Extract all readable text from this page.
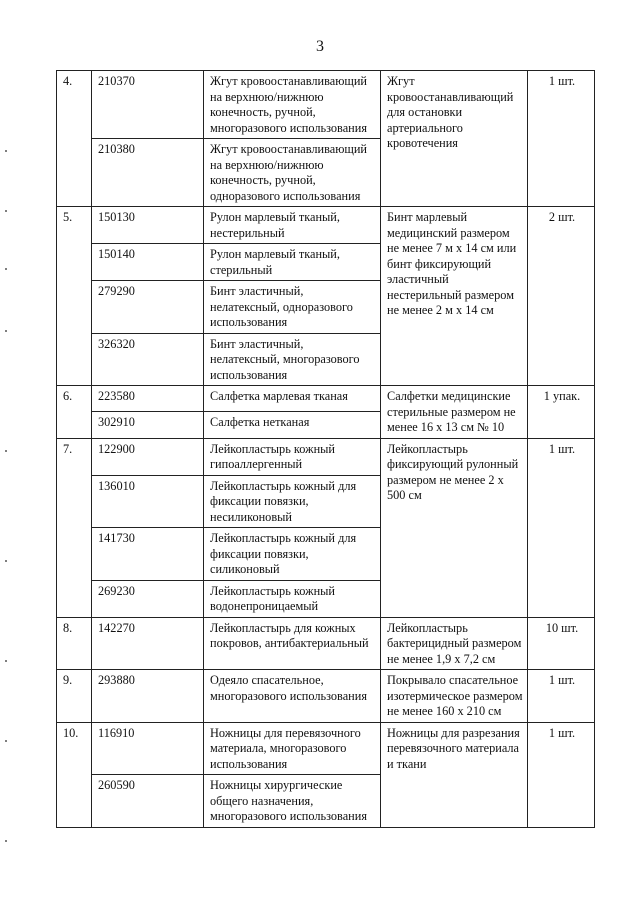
3
4.	210370	Жгут кровоостанавливающий на верхнюю/нижнюю конечность, ручной, многоразового использования	Жгут кровоостанавливающий для остановки артериального кровотечения	1 шт.
	210380	Жгут кровоостанавливающий на верхнюю/нижнюю конечность, ручной, одноразового использования		
5.	150130	Рулон марлевый тканый, нестерильный	Бинт марлевый медицинский размером не менее 7 м х 14 см или бинт фиксирующий эластичный нестерильный размером не менее 2 м х 14 см	2 шт.
	150140	Рулон марлевый тканый, стерильный		
	279290	Бинт эластичный, нелатексный, одноразового использования		
	326320	Бинт эластичный, нелатексный, многоразового использования		
6.	223580	Салфетка марлевая тканая	Салфетки медицинские стерильные размером не менее 16 х 13 см № 10	1 упак.
	302910	Салфетка нетканая		
7.	122900	Лейкопластырь кожный гипоаллергенный	Лейкопластырь фиксирующий рулонный размером не менее 2 х 500 см	1 шт.
	136010	Лейкопластырь кожный для фиксации повязки, несиликоновый		
	141730	Лейкопластырь кожный для фиксации повязки, силиконовый		
	269230	Лейкопластырь кожный водонепроницаемый		
8.	142270	Лейкопластырь для кожных покровов, антибактериальный	Лейкопластырь бактерицидный размером не менее 1,9 х 7,2 см	10 шт.
9.	293880	Одеяло спасательное, многоразового использования	Покрывало спасательное изотермическое размером не менее 160 х 210 см	1 шт.
10.	116910	Ножницы для перевязочного материала, многоразового использования	Ножницы для разрезания перевязочного материала и ткани	1 шт.
	260590	Ножницы хирургические общего назначения, многоразового использования		
